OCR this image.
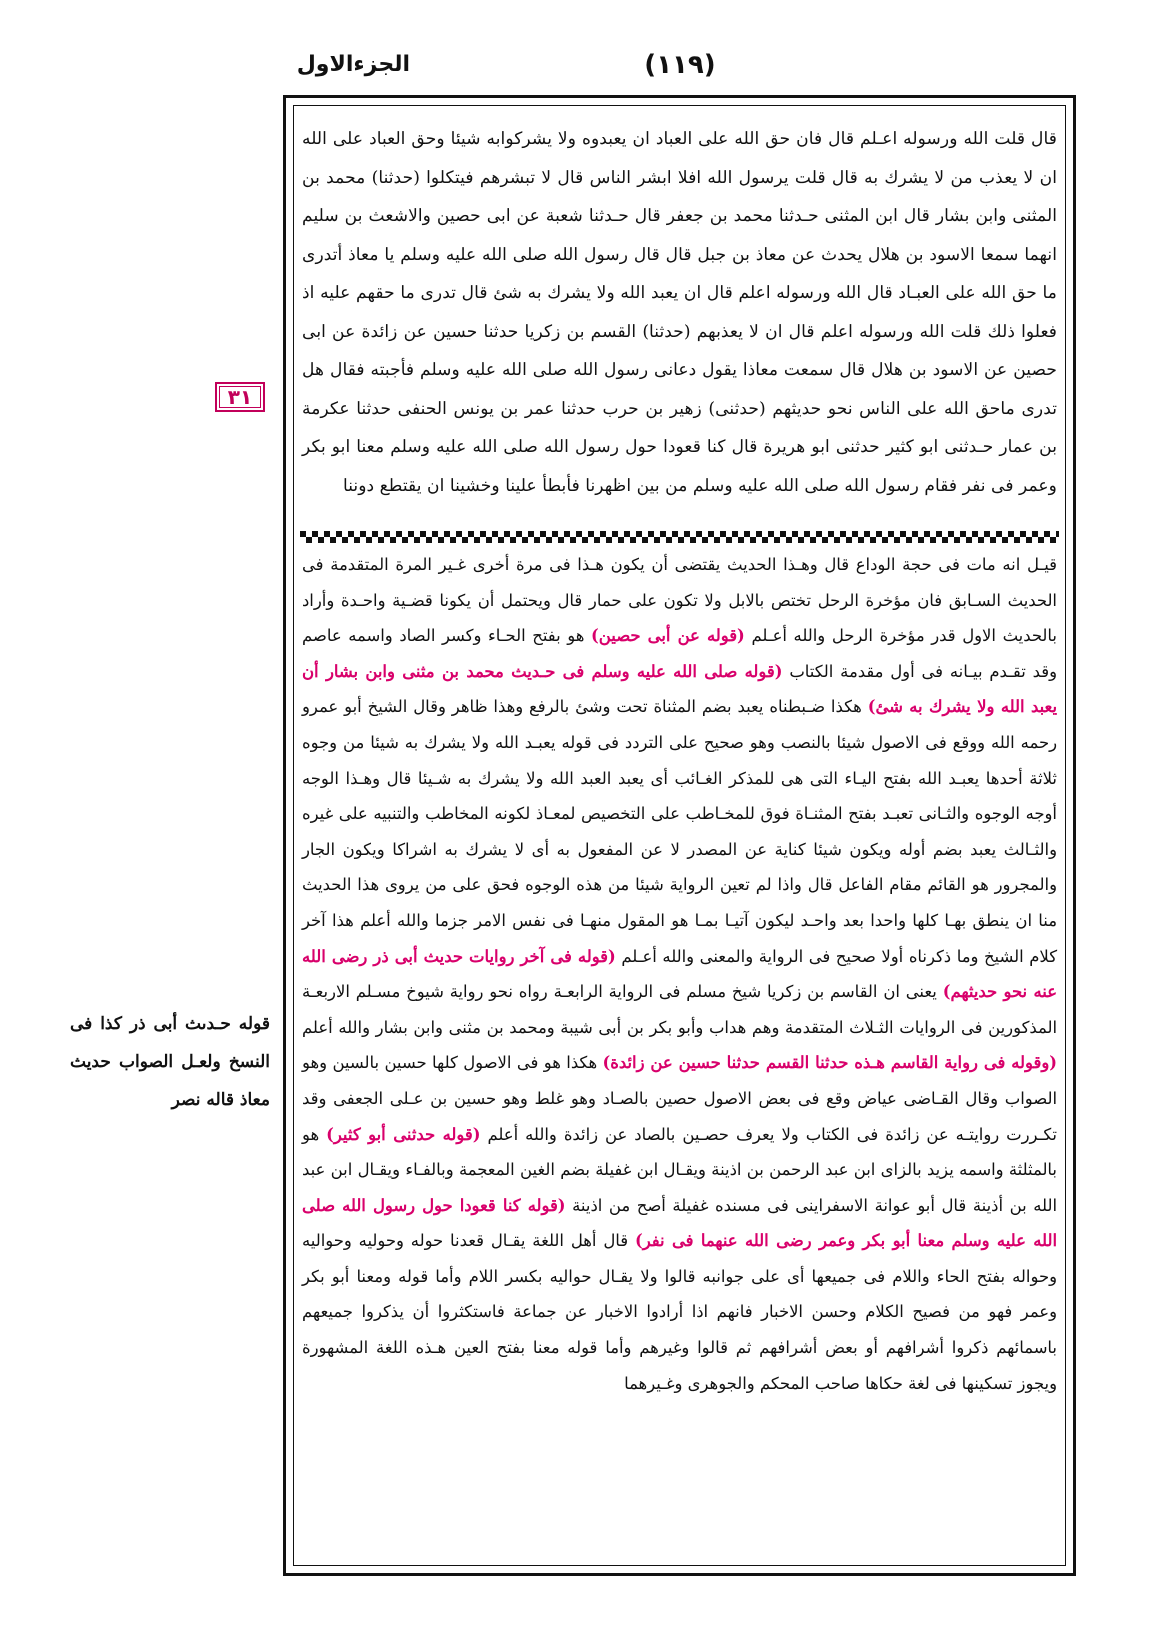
(١١٩)
الجزءالاول
٣١

قوله حـدىث أبى ذر كذا فى النسخ ولعـل الصواب حديث معاذ قاله نصر

قال قلت الله ورسوله اعـلم قال فان حق الله على العباد ان يعبدوه ولا يشركوابه شيئا وحق العباد على الله ان لا يعذب من لا يشرك به قال قلت يرسول الله افلا ابشر الناس قال لا تبشرهم فيتكلوا (حدثنا) محمد بن المثنى وابن بشار قال ابن المثنى حـدثنا محمد بن جعفر قال حـدثنا شعبة عن ابى حصين والاشعث بن سليم انهما سمعا الاسود بن هلال يحدث عن معاذ بن جبل قال قال رسول الله صلى الله عليه وسلم يا معاذ أتدرى ما حق الله على العبـاد قال الله ورسوله اعلم قال ان يعبد الله ولا يشرك به شئ قال تدرى ما حقهم عليه اذ فعلوا ذلك قلت الله ورسوله اعلم قال ان لا يعذبهم (حدثنا) القسم بن زكريا حدثنا حسين عن زائدة عن ابى حصين عن الاسود بن هلال قال سمعت معاذا يقول دعانى رسول الله صلى الله عليه وسلم فأجبته فقال هل تدرى ماحق الله على الناس نحو حديثهم (حدثنى) زهير بن حرب حدثنا عمر بن يونس الحنفى حدثنا عكرمة بن عمار حـدثنى ابو كثير حدثنى ابو هريرة قال كنا قعودا حول رسول الله صلى الله عليه وسلم معنا ابو بكر وعمر فى نفر فقام رسول الله صلى الله عليه وسلم من بين اظهرنا فأبطأ علينا وخشينا ان يقتطع دوننا

قيـل انه مات فى حجة الوداع قال وهـذا الحديث يقتضى أن يكون هـذا فى مرة أخرى غـير المرة المتقدمة فى الحديث السـابق فان مؤخرة الرحل تختص بالابل ولا تكون على حمار قال ويحتمل أن يكونا قضـية واحـدة وأراد بالحديث الاول قدر مؤخرة الرحل والله أعـلم (قوله عن أبى حصين) هو بفتح الحـاء وكسر الصاد واسمه عاصم وقد تقـدم بيـانه فى أول مقدمة الكتاب (قوله صلى الله عليه وسلم فى حـديث محمد بن مثنى وابن بشار أن يعبد الله ولا يشرك به شئ) هكذا ضـبطناه يعبد بضم المثناة تحت وشئ بالرفع وهذا ظاهر وقال الشيخ أبو عمرو رحمه الله ووقع فى الاصول شيئا بالنصب وهو صحيح على التردد فى قوله يعبـد الله ولا يشرك به شيئا من وجوه ثلاثة أحدها يعبـد الله بفتح اليـاء التى هى للمذكر الغـائب أى يعبد العبد الله ولا يشرك به شـيئا قال وهـذا الوجه أوجه الوجوه والثـانى تعبـد بفتح المثنـاة فوق للمخـاطب على التخصيص لمعـاذ لكونه المخاطب والتنبيه على غيره والثـالث يعبد بضم أوله ويكون شيئا كناية عن المصدر لا عن المفعول به أى لا يشرك به اشراكا ويكون الجار والمجرور هو القائم مقام الفاعل قال واذا لم تعين الرواية شيئا من هذه الوجوه فحق على من يروى هذا الحديث منا ان ينطق بهـا كلها واحدا بعد واحـد ليكون آتيـا بمـا هو المقول منهـا فى نفس الامر جزما والله أعلم هذا آخر كلام الشيخ وما ذكرناه أولا صحيح فى الرواية والمعنى والله أعـلم (قوله فى آخر روايات حديث أبى ذر رضى الله عنه نحو حديثهم) يعنى ان القاسم بن زكريا شيخ مسلم فى الرواية الرابعـة رواه نحو رواية شيوخ مسـلم الاربعـة المذكورين فى الروايات الثـلاث المتقدمة وهم هداب وأبو بكر بن أبى شيبة ومحمد بن مثنى وابن بشار والله أعلم (وقوله فى رواية القاسم هـذه حدثنا القسم حدثنا حسين عن زائدة) هكذا هو فى الاصول كلها حسين بالسين وهو الصواب وقال القـاضى عياض وقع فى بعض الاصول حصين بالصـاد وهو غلط وهو حسين بن عـلى الجعفى وقد تكـررت روايتـه عن زائدة فى الكتاب ولا يعرف حصـين بالصاد عن زائدة والله أعلم (قوله حدثنى أبو كثير) هو بالمثلثة واسمه يزيد بالزاى ابن عبد الرحمن بن اذينة ويقـال ابن غفيلة بضم الغين المعجمة وبالفـاء ويقـال ابن عبد الله بن أذينة قال أبو عوانة الاسفراينى فى مسنده غفيلة أصح من اذينة (قوله كنا قعودا حول رسول الله صلى الله عليه وسلم معنا أبو بكر وعمر رضى الله عنهما فى نفر) قال أهل اللغة يقـال قعدنا حوله وحوليه وحواليه وحواله بفتح الحاء واللام فى جميعها أى على جوانبه قالوا ولا يقـال حواليه بكسر اللام وأما قوله ومعنا أبو بكر وعمر فهو من فصيح الكلام وحسن الاخبار فانهم اذا أرادوا الاخبار عن جماعة فاستكثروا أن يذكروا جميعهم باسمائهم ذكروا أشرافهم أو بعض أشرافهم ثم قالوا وغيرهم وأما قوله معنا بفتح العين هـذه اللغة المشهورة ويجوز تسكينها فى لغة حكاها صاحب المحكم والجوهرى وغـيرهما
